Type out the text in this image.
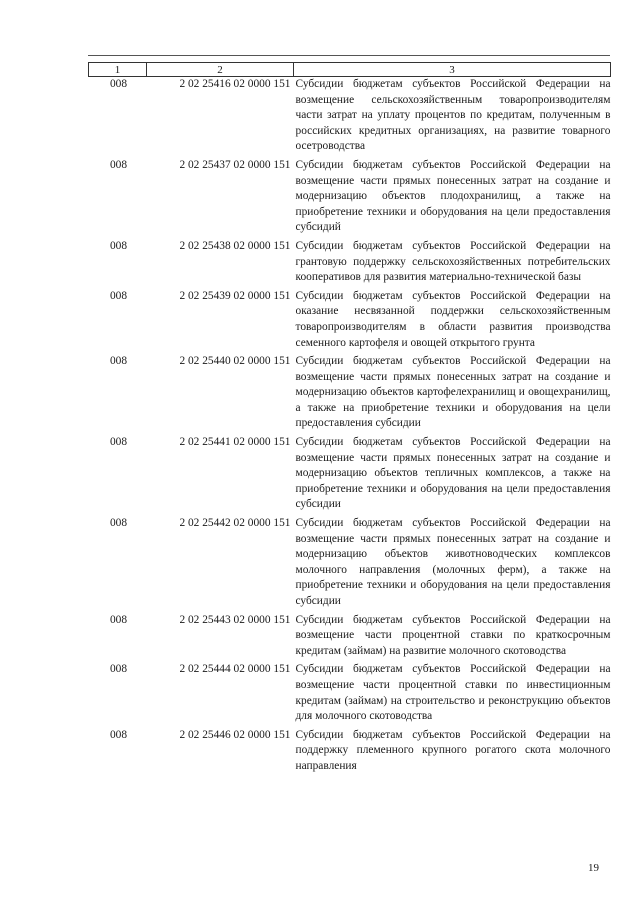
1	2	3
008	2 02 25416 02 0000 151	Субсидии бюджетам субъектов Российской Федерации на возмещение сельскохозяйственным товаропроизводителям части затрат на уплату процентов по кредитам, полученным в российских кредитных организациях, на развитие товарного осетроводства
008	2 02 25437 02 0000 151	Субсидии бюджетам субъектов Российской Федерации на возмещение части прямых понесенных затрат на создание и модернизацию объектов плодохранилищ, а также на приобретение техники и оборудования на цели предоставления субсидий
008	2 02 25438 02 0000 151	Субсидии бюджетам субъектов Российской Федерации на грантовую поддержку сельскохозяйственных потребительских кооперативов для развития материально-технической базы
008	2 02 25439 02 0000 151	Субсидии бюджетам субъектов Российской Федерации на оказание несвязанной поддержки сельскохозяйственным товаропроизводителям в области развития производства семенного картофеля и овощей открытого грунта
008	2 02 25440 02 0000 151	Субсидии бюджетам субъектов Российской Федерации на возмещение части прямых понесенных затрат на создание и модернизацию объектов картофелехранилищ и овощехранилищ, а также на приобретение техники и оборудования на цели предоставления субсидии
008	2 02 25441 02 0000 151	Субсидии бюджетам субъектов Российской Федерации на возмещение части прямых понесенных затрат на создание и модернизацию объектов тепличных комплексов, а также на приобретение техники и оборудования на цели предоставления субсидии
008	2 02 25442 02 0000 151	Субсидии бюджетам субъектов Российской Федерации на возмещение части прямых понесенных затрат на создание и модернизацию объектов животноводческих комплексов молочного направления (молочных ферм), а также на приобретение техники и оборудования на цели предоставления субсидии
008	2 02 25443 02 0000 151	Субсидии бюджетам субъектов Российской Федерации на возмещение части процентной ставки по краткосрочным кредитам (займам) на развитие молочного скотоводства
008	2 02 25444 02 0000 151	Субсидии бюджетам субъектов Российской Федерации на возмещение части процентной ставки по инвестиционным кредитам (займам) на строительство и реконструкцию объектов для молочного скотоводства
008	2 02 25446 02 0000 151	Субсидии бюджетам субъектов Российской Федерации на поддержку племенного крупного рогатого скота молочного направления
19
